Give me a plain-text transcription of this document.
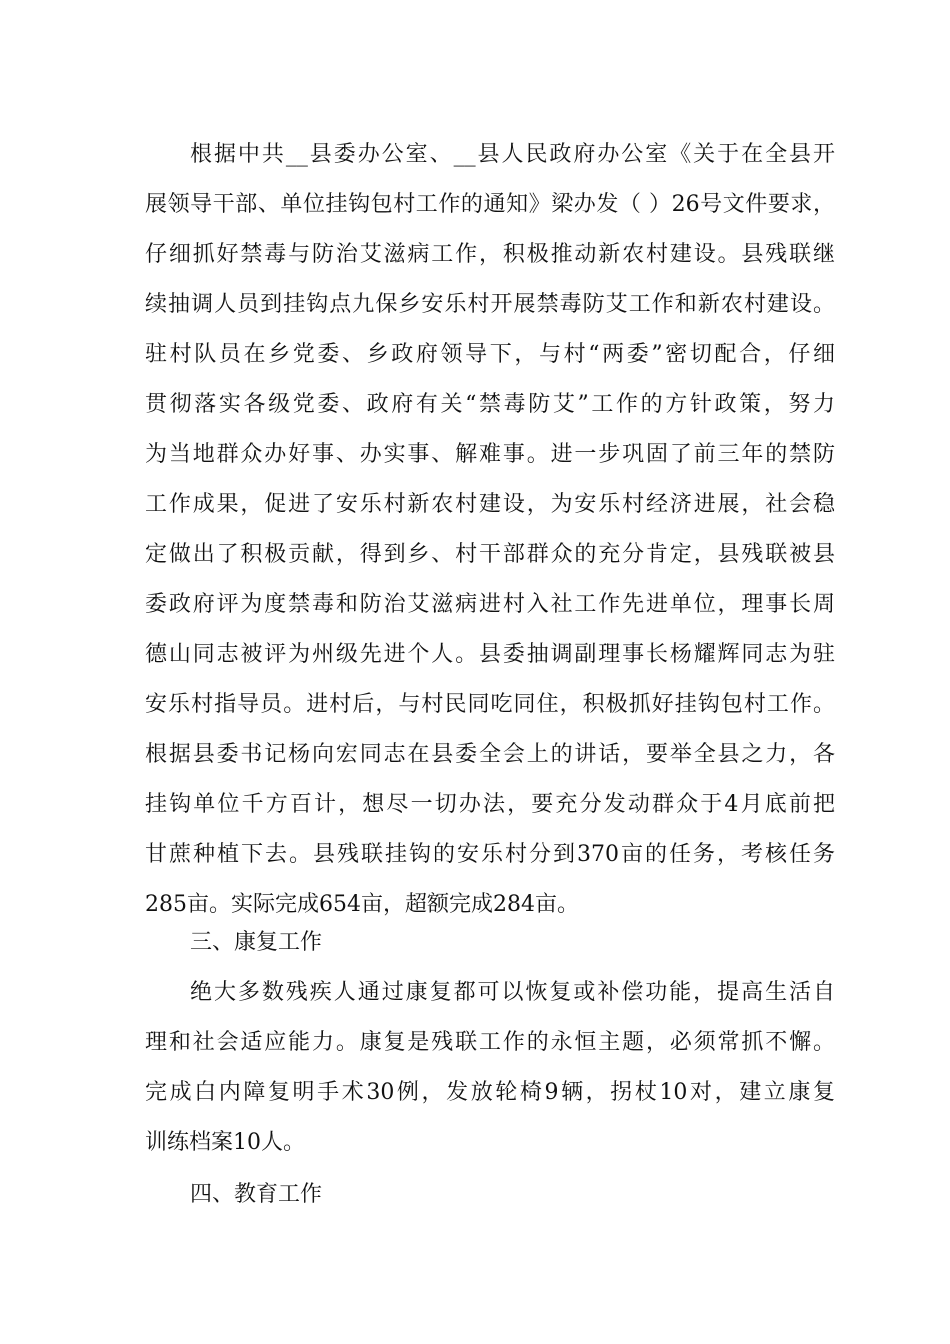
根据中共__县委办公室、__县人民政府办公室《关于在全县开
展领导干部、单位挂钩包村工作的通知》梁办发（ ）26号文件要求，
仔细抓好禁毒与防治艾滋病工作，积极推动新农村建设。县残联继
续抽调人员到挂钩点九保乡安乐村开展禁毒防艾工作和新农村建设。
驻村队员在乡党委、乡政府领导下，与村“两委”密切配合，仔细
贯彻落实各级党委、政府有关“禁毒防艾”工作的方针政策，努力
为当地群众办好事、办实事、解难事。进一步巩固了前三年的禁防
工作成果，促进了安乐村新农村建设，为安乐村经济进展，社会稳
定做出了积极贡献，得到乡、村干部群众的充分肯定，县残联被县
委政府评为度禁毒和防治艾滋病进村入社工作先进单位，理事长周
德山同志被评为州级先进个人。县委抽调副理事长杨耀辉同志为驻
安乐村指导员。进村后，与村民同吃同住，积极抓好挂钩包村工作。
根据县委书记杨向宏同志在县委全会上的讲话，要举全县之力，各
挂钩单位千方百计，想尽一切办法，要充分发动群众于4月底前把
甘蔗种植下去。县残联挂钩的安乐村分到370亩的任务，考核任务
285亩。实际完成654亩，超额完成284亩。
三、康复工作
绝大多数残疾人通过康复都可以恢复或补偿功能，提高生活自
理和社会适应能力。康复是残联工作的永恒主题，必须常抓不懈。
完成白内障复明手术30例，发放轮椅9辆，拐杖10对，建立康复
训练档案10人。
四、教育工作
